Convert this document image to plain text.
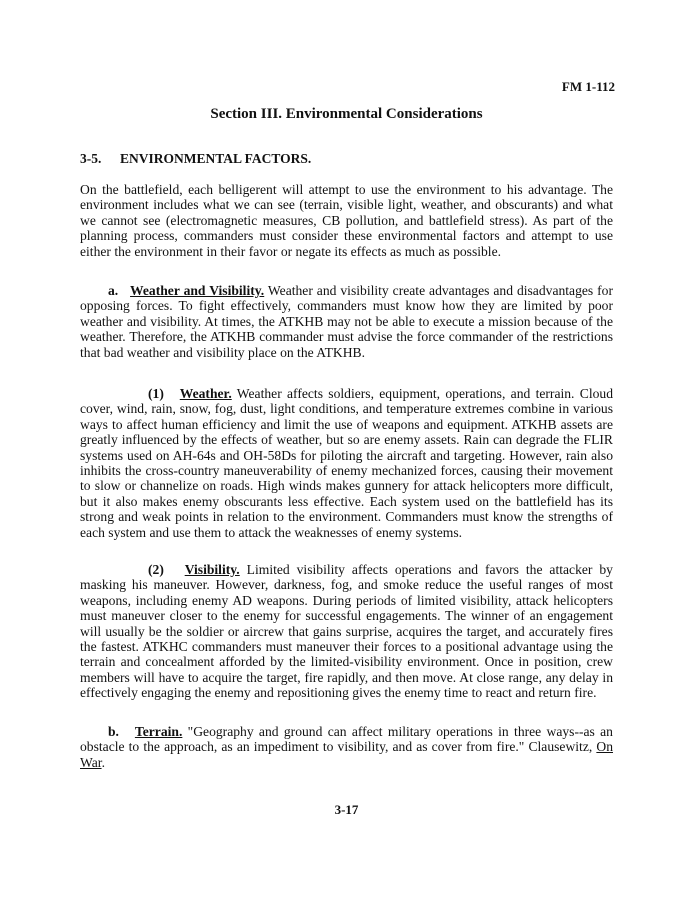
FM 1-112
Section III. Environmental Considerations
3-5. ENVIRONMENTAL FACTORS.

On the battlefield, each belligerent will attempt to use the environment to his advantage. The environment includes what we can see (terrain, visible light, weather, and obscurants) and what we cannot see (electromagnetic measures, CB pollution, and battlefield stress). As part of the planning process, commanders must consider these environmental factors and attempt to use either the environment in their favor or negate its effects as much as possible.

a. Weather and Visibility. Weather and visibility create advantages and disadvantages for opposing forces. To fight effectively, commanders must know how they are limited by poor weather and visibility. At times, the ATKHB may not be able to execute a mission because of the weather. Therefore, the ATKHB commander must advise the force commander of the restrictions that bad weather and visibility place on the ATKHB.

(1) Weather. Weather affects soldiers, equipment, operations, and terrain. Cloud cover, wind, rain, snow, fog, dust, light conditions, and temperature extremes combine in various ways to affect human efficiency and limit the use of weapons and equipment. ATKHB assets are greatly influenced by the effects of weather, but so are enemy assets. Rain can degrade the FLIR systems used on AH-64s and OH-58Ds for piloting the aircraft and targeting. However, rain also inhibits the cross-country maneuverability of enemy mechanized forces, causing their movement to slow or channelize on roads. High winds makes gunnery for attack helicopters more difficult, but it also makes enemy obscurants less effective. Each system used on the battlefield has its strong and weak points in relation to the environment. Commanders must know the strengths of each system and use them to attack the weaknesses of enemy systems.

(2) Visibility. Limited visibility affects operations and favors the attacker by masking his maneuver. However, darkness, fog, and smoke reduce the useful ranges of most weapons, including enemy AD weapons. During periods of limited visibility, attack helicopters must maneuver closer to the enemy for successful engagements. The winner of an engagement will usually be the soldier or aircrew that gains surprise, acquires the target, and accurately fires the fastest. ATKHC commanders must maneuver their forces to a positional advantage using the terrain and concealment afforded by the limited-visibility environment. Once in position, crew members will have to acquire the target, fire rapidly, and then move. At close range, any delay in effectively engaging the enemy and repositioning gives the enemy time to react and return fire.

b. Terrain. "Geography and ground can affect military operations in three ways--as an obstacle to the approach, as an impediment to visibility, and as cover from fire." Clausewitz, On War.

3-17
